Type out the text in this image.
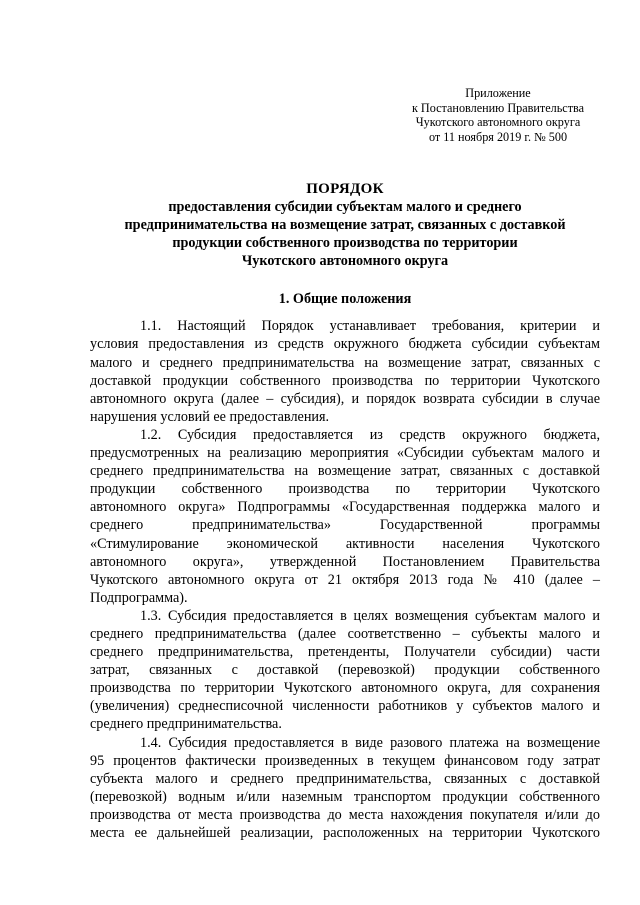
Приложение
к Постановлению Правительства
Чукотского автономного округа
от 11 ноября 2019 г. № 500
ПОРЯДОК
предоставления субсидии субъектам малого и среднего
предпринимательства на возмещение затрат, связанных с доставкой
продукции собственного производства по территории
Чукотского автономного округа
1. Общие положения
1.1. Настоящий Порядок устанавливает требования, критерии и
условия предоставления из средств окружного бюджета субсидии субъектам
малого и среднего предпринимательства на возмещение затрат, связанных с
доставкой продукции собственного производства по территории Чукотского
автономного округа (далее – субсидия), и порядок возврата субсидии в случае
нарушения условий ее предоставления.
1.2. Субсидия предоставляется из средств окружного бюджета,
предусмотренных на реализацию мероприятия «Субсидии субъектам малого и
среднего предпринимательства на возмещение затрат, связанных с доставкой
продукции собственного производства по территории Чукотского
автономного округа» Подпрограммы «Государственная поддержка малого и
среднего предпринимательства» Государственной программы
«Стимулирование экономической активности населения Чукотского
автономного округа», утвержденной Постановлением Правительства
Чукотского автономного округа от 21 октября 2013 года № 410 (далее –
Подпрограмма).
1.3. Субсидия предоставляется в целях возмещения субъектам малого и
среднего предпринимательства (далее соответственно – субъекты малого и
среднего предпринимательства, претенденты, Получатели субсидии) части
затрат, связанных с доставкой (перевозкой) продукции собственного
производства по территории Чукотского автономного округа, для сохранения
(увеличения) среднесписочной численности работников у субъектов малого и
среднего предпринимательства.
1.4. Субсидия предоставляется в виде разового платежа на возмещение
95 процентов фактически произведенных в текущем финансовом году затрат
субъекта малого и среднего предпринимательства, связанных с доставкой
(перевозкой) водным и/или наземным транспортом продукции собственного
производства от места производства до места нахождения покупателя и/или до
места ее дальнейшей реализации, расположенных на территории Чукотского
